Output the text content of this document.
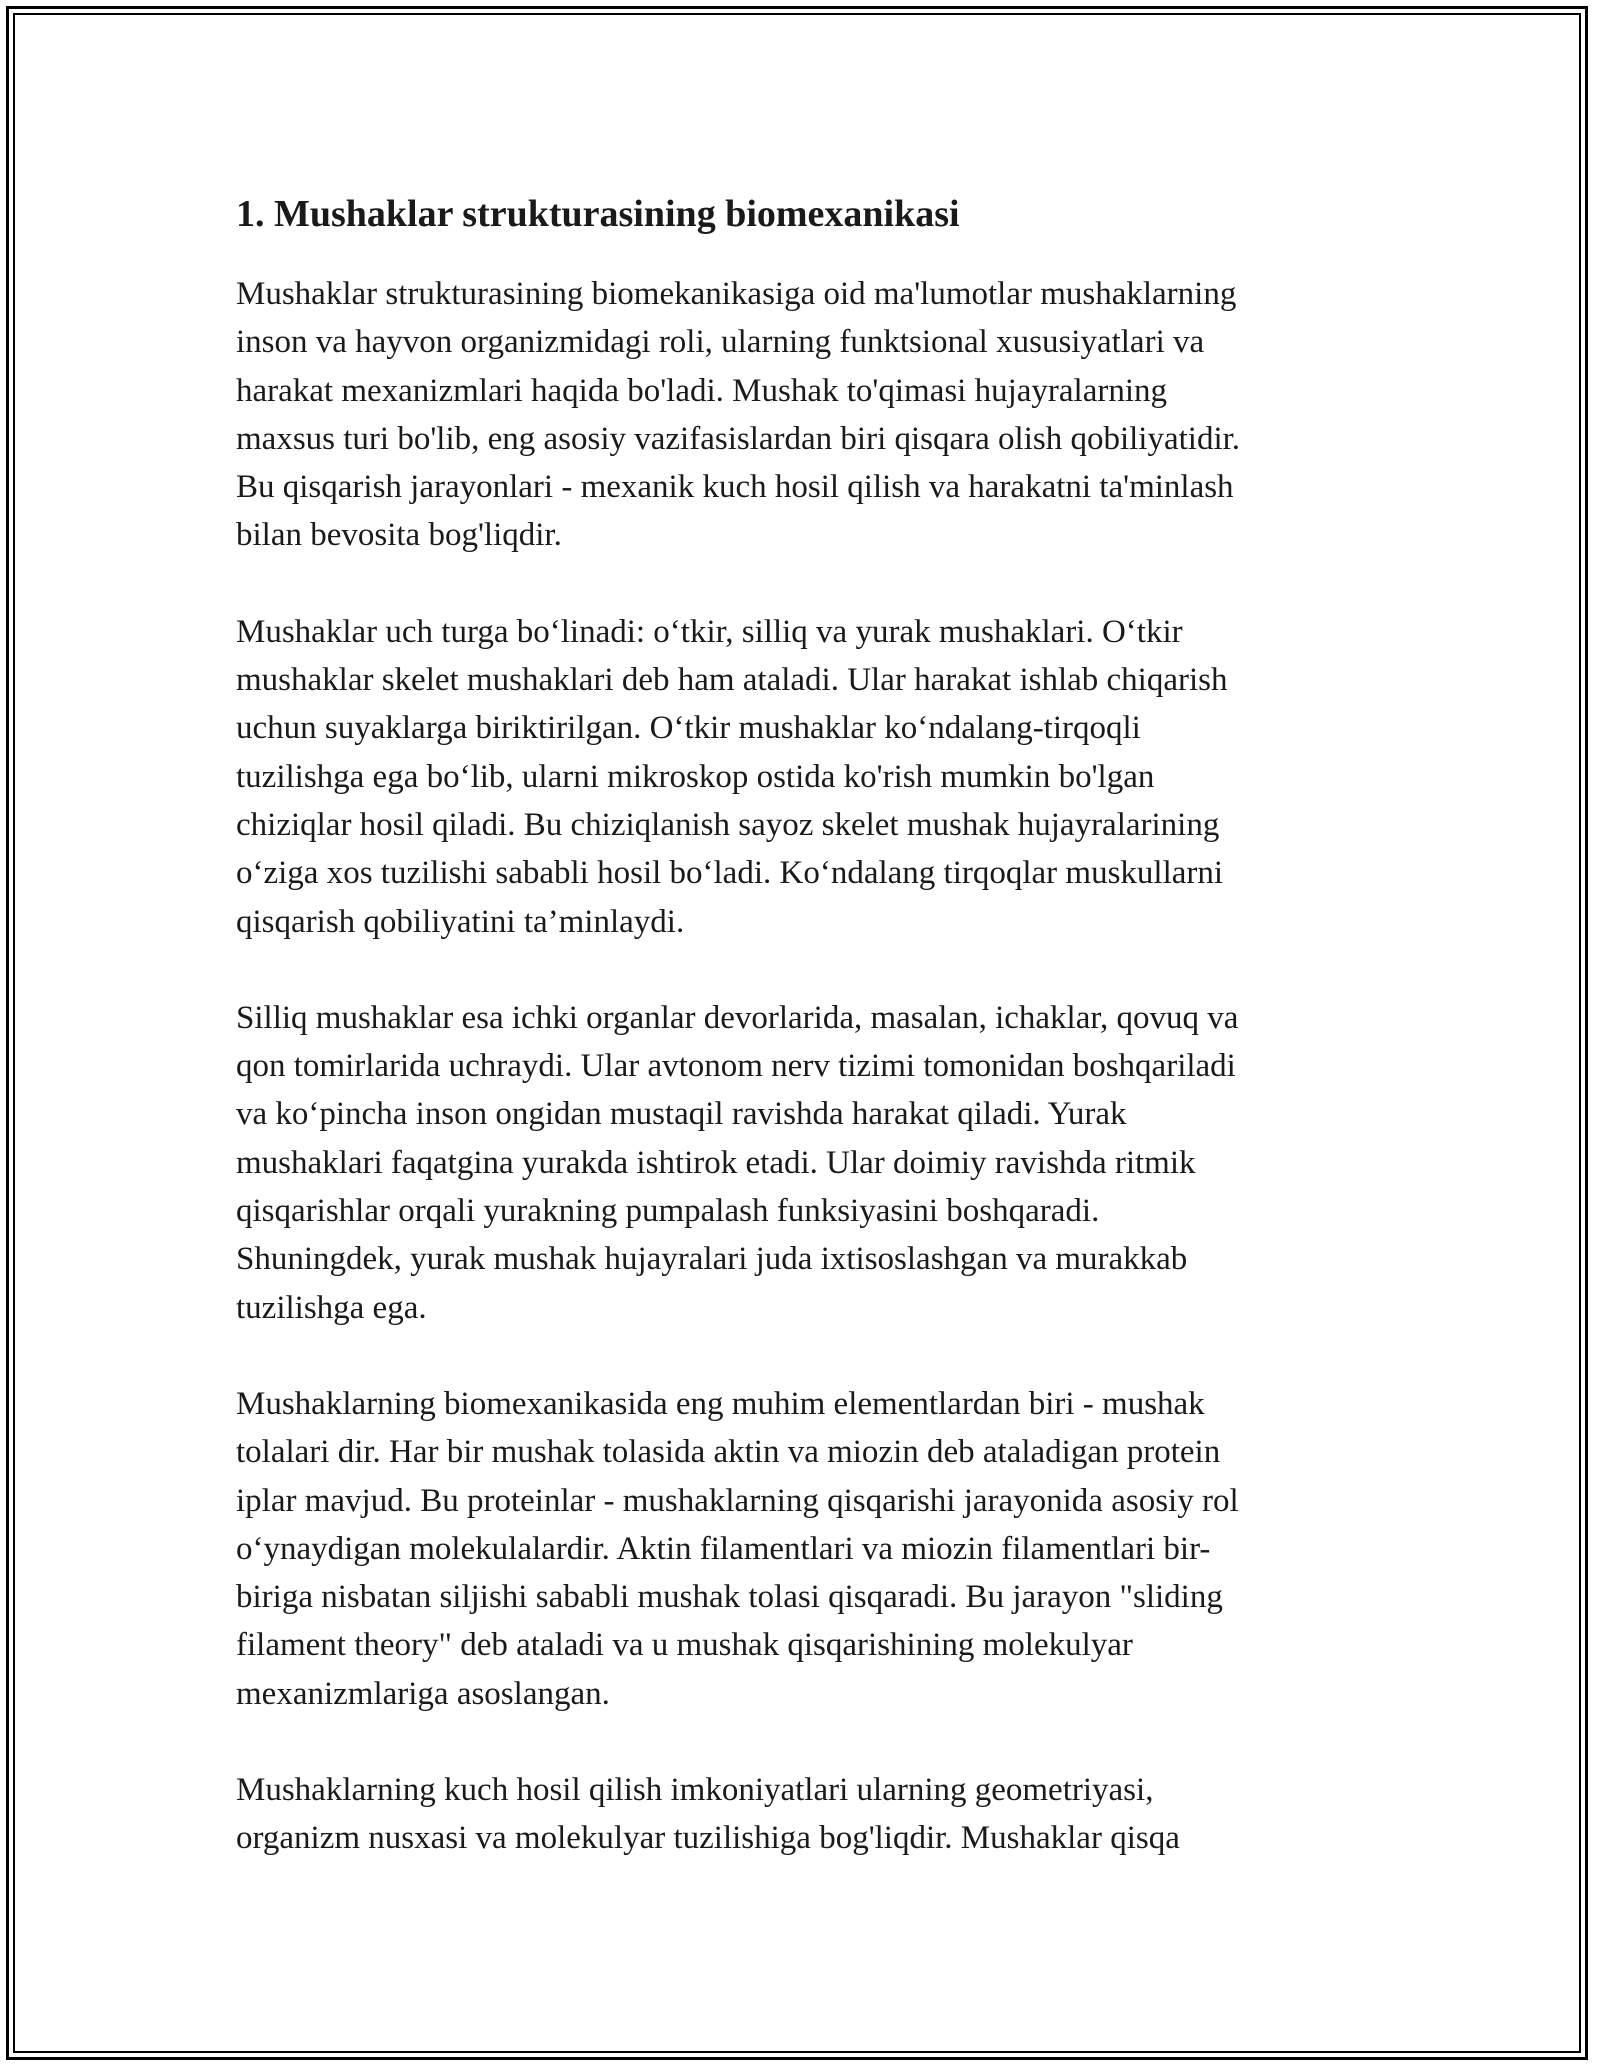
1. Mushaklar strukturasining biomexanikasi

Mushaklar strukturasining biomekanikasiga oid ma'lumotlar mushaklarning
inson va hayvon organizmidagi roli, ularning funktsional xususiyatlari va
harakat mexanizmlari haqida bo'ladi. Mushak to'qimasi hujayralarning
maxsus turi bo'lib, eng asosiy vazifasislardan biri qisqara olish qobiliyatidir.
Bu qisqarish jarayonlari - mexanik kuch hosil qilish va harakatni ta'minlash
bilan bevosita bog'liqdir.

Mushaklar uch turga boʻlinadi: oʻtkir, silliq va yurak mushaklari. Oʻtkir
mushaklar skelet mushaklari deb ham ataladi. Ular harakat ishlab chiqarish
uchun suyaklarga biriktirilgan. Oʻtkir mushaklar koʻndalang-tirqoqli
tuzilishga ega boʻlib, ularni mikroskop ostida ko'rish mumkin bo'lgan
chiziqlar hosil qiladi. Bu chiziqlanish sayoz skelet mushak hujayralarining
oʻziga xos tuzilishi sababli hosil boʻladi. Koʻndalang tirqoqlar muskullarni
qisqarish qobiliyatini ta’minlaydi.

Silliq mushaklar esa ichki organlar devorlarida, masalan, ichaklar, qovuq va
qon tomirlarida uchraydi. Ular avtonom nerv tizimi tomonidan boshqariladi
va koʻpincha inson ongidan mustaqil ravishda harakat qiladi. Yurak
mushaklari faqatgina yurakda ishtirok etadi. Ular doimiy ravishda ritmik
qisqarishlar orqali yurakning pumpalash funksiyasini boshqaradi.
Shuningdek, yurak mushak hujayralari juda ixtisoslashgan va murakkab
tuzilishga ega.

Mushaklarning biomexanikasida eng muhim elementlardan biri - mushak
tolalari dir. Har bir mushak tolasida aktin va miozin deb ataladigan protein
iplar mavjud. Bu proteinlar - mushaklarning qisqarishi jarayonida asosiy rol
oʻynaydigan molekulalardir. Aktin filamentlari va miozin filamentlari bir-
biriga nisbatan siljishi sababli mushak tolasi qisqaradi. Bu jarayon "sliding
filament theory" deb ataladi va u mushak qisqarishining molekulyar
mexanizmlariga asoslangan.

Mushaklarning kuch hosil qilish imkoniyatlari ularning geometriyasi,
organizm nusxasi va molekulyar tuzilishiga bog'liqdir. Mushaklar qisqa
